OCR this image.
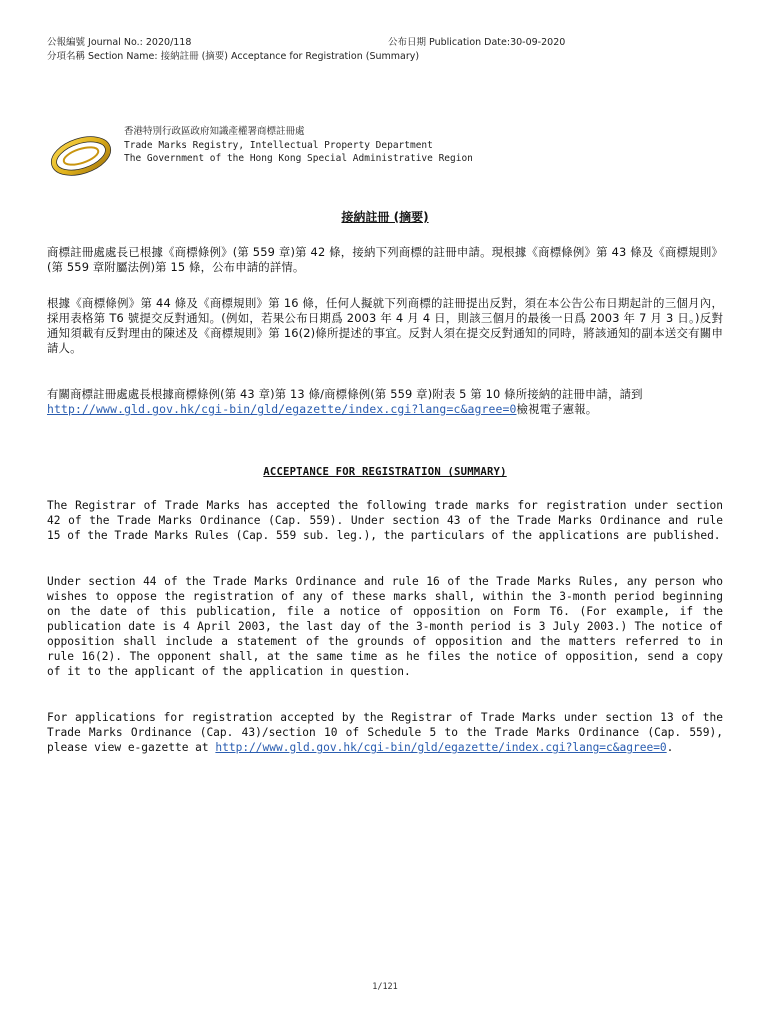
公報編號 Journal No.: 2020/118	公布日期 Publication Date:30-09-2020
分項名稱 Section Name: 接納註冊 (摘要) Acceptance for Registration (Summary)
香港特別行政區政府知識產權署商標註冊處
Trade Marks Registry, Intellectual Property Department
The Government of the Hong Kong Special Administrative Region
接納註冊 (摘要)
商標註冊處處長已根據《商標條例》(第 559 章)第 42 條，接納下列商標的註冊申請。現根據《商標條例》第 43 條及《商標規則》(第 559 章附屬法例)第 15 條，公布申請的詳情。
根據《商標條例》第 44 條及《商標規則》第 16 條，任何人擬就下列商標的註冊提出反對，須在本公告公布日期起計的三個月內，採用表格第 T6 號提交反對通知。(例如，若果公布日期爲 2003 年 4 月 4 日，則該三個月的最後一日爲 2003 年 7 月 3 日。)反對通知須載有反對理由的陳述及《商標規則》第 16(2)條所提述的事宜。反對人須在提交反對通知的同時，將該通知的副本送交有關申請人。
有關商標註冊處處長根據商標條例(第 43 章)第 13 條/商標條例(第 559 章)附表 5 第 10 條所接納的註冊申請，請到
http://www.gld.gov.hk/cgi-bin/gld/egazette/index.cgi?lang=c&agree=0檢視電子憲報。
ACCEPTANCE FOR REGISTRATION (SUMMARY)
The Registrar of Trade Marks has accepted the following trade marks for registration under section 42 of the Trade Marks Ordinance (Cap. 559). Under section 43 of the Trade Marks Ordinance and rule 15 of the Trade Marks Rules (Cap. 559 sub. leg.), the particulars of the applications are published.
Under section 44 of the Trade Marks Ordinance and rule 16 of the Trade Marks Rules, any person who wishes to oppose the registration of any of these marks shall, within the 3-month period beginning on the date of this publication, file a notice of opposition on Form T6. (For example, if the publication date is 4 April 2003, the last day of the 3-month period is 3 July 2003.) The notice of opposition shall include a statement of the grounds of opposition and the matters referred to in rule 16(2). The opponent shall, at the same time as he files the notice of opposition, send a copy of it to the applicant of the application in question.
For applications for registration accepted by the Registrar of Trade Marks under section 13 of the Trade Marks Ordinance (Cap. 43)/section 10 of Schedule 5 to the Trade Marks Ordinance (Cap. 559), please view e-gazette at http://www.gld.gov.hk/cgi-bin/gld/egazette/index.cgi?lang=c&agree=0.
1/121
